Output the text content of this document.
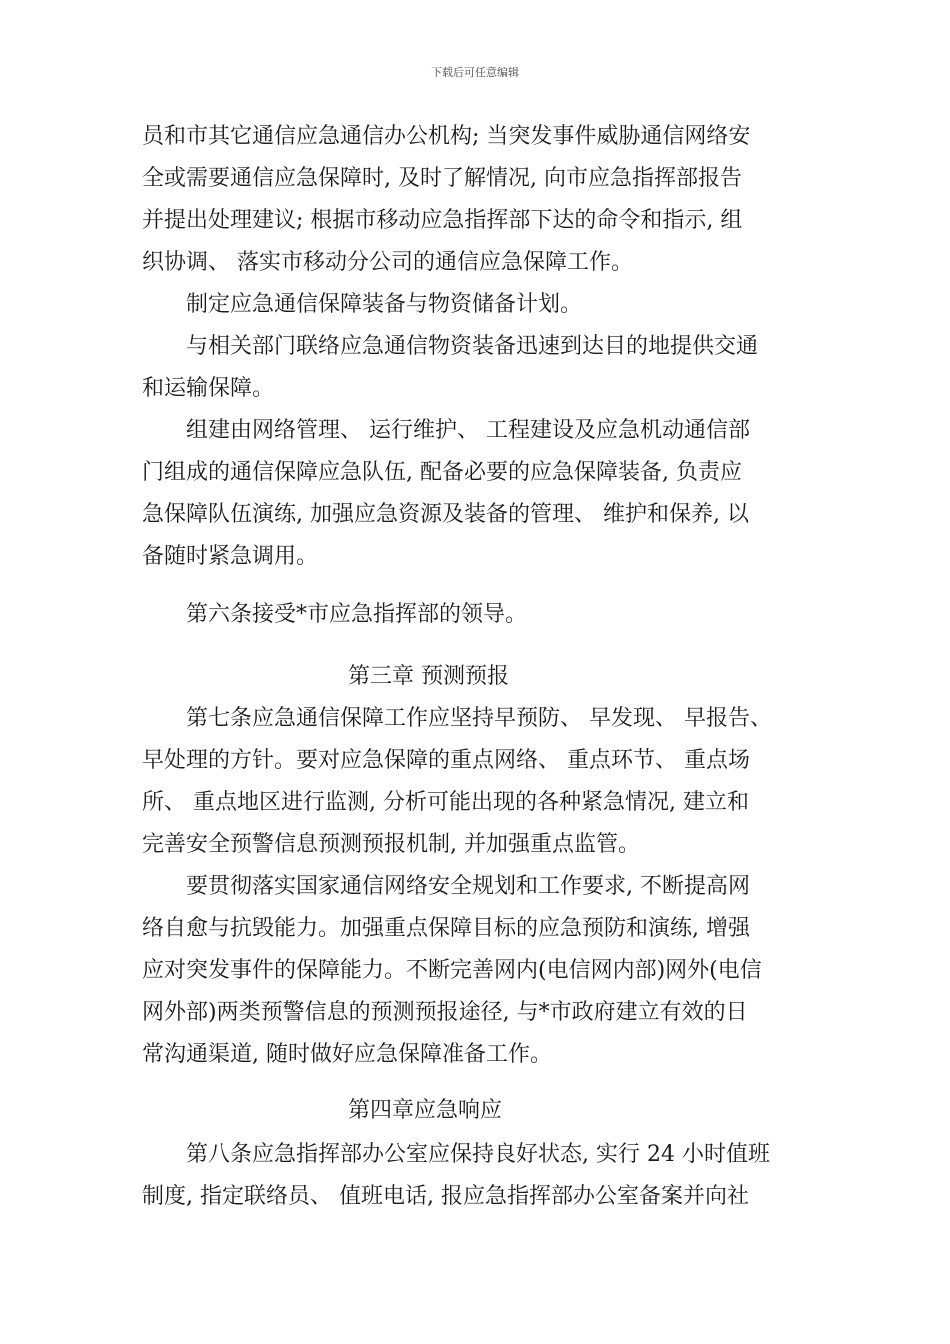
下载后可任意编辑
员和市其它通信应急通信办公机构; 当突发事件威胁通信网络安
全或需要通信应急保障时, 及时了解情况, 向市应急指挥部报告
并提出处理建议; 根据市移动应急指挥部下达的命令和指示, 组
织协调、 落实市移动分公司的通信应急保障工作。
制定应急通信保障装备与物资储备计划。
与相关部门联络应急通信物资装备迅速到达目的地提供交通
和运输保障。
组建由网络管理、 运行维护、 工程建设及应急机动通信部
门组成的通信保障应急队伍, 配备必要的应急保障装备, 负责应
急保障队伍演练, 加强应急资源及装备的管理、 维护和保养, 以
备随时紧急调用。
第六条接受*市应急指挥部的领导。
第三章 预测预报
第七条应急通信保障工作应坚持早预防、 早发现、 早报告、
早处理的方针。要对应急保障的重点网络、 重点环节、 重点场
所、 重点地区进行监测, 分析可能出现的各种紧急情况, 建立和
完善安全预警信息预测预报机制, 并加强重点监管。
要贯彻落实国家通信网络安全规划和工作要求, 不断提高网
络自愈与抗毁能力。加强重点保障目标的应急预防和演练, 增强
应对突发事件的保障能力。不断完善网内(电信网内部)网外(电信
网外部)两类预警信息的预测预报途径, 与*市政府建立有效的日
常沟通渠道, 随时做好应急保障准备工作。
第四章应急响应
第八条应急指挥部办公室应保持良好状态, 实行 24 小时值班
制度, 指定联络员、 值班电话, 报应急指挥部办公室备案并向社
